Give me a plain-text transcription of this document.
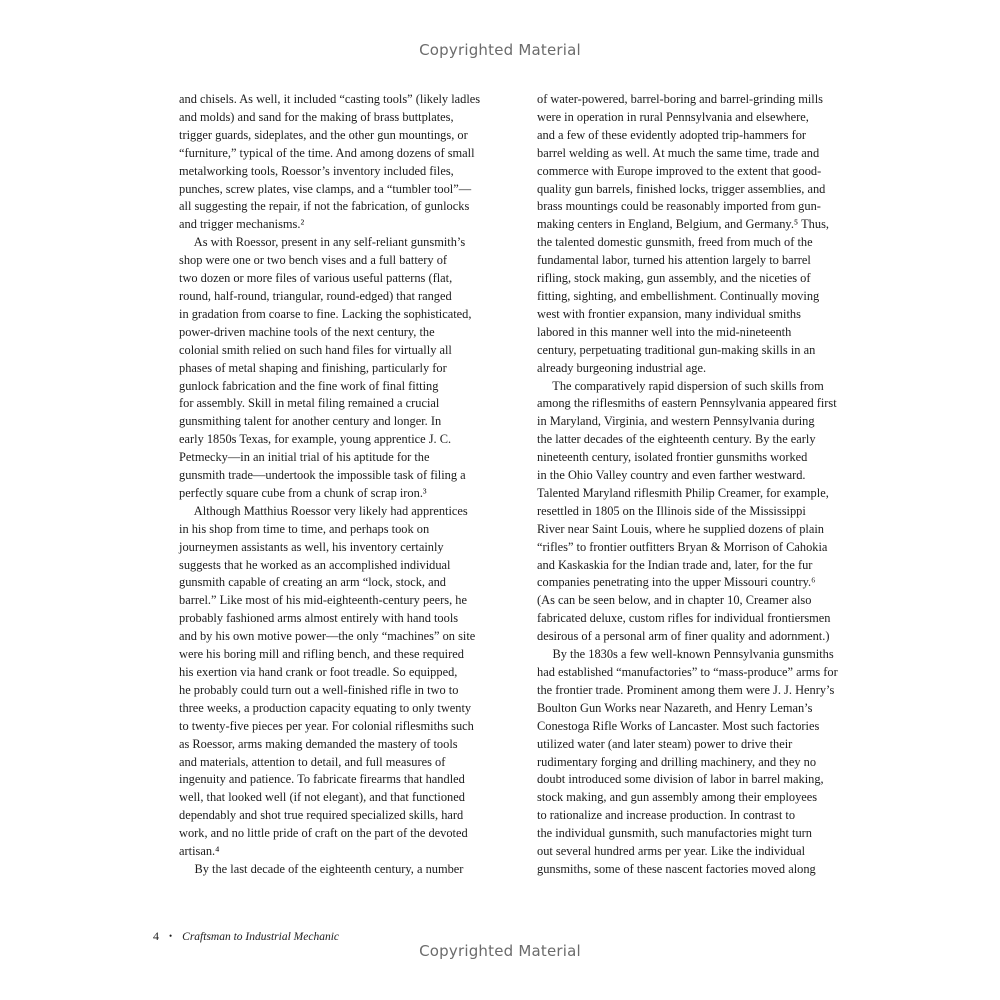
Copyrighted Material
and chisels. As well, it included “casting tools” (likely ladles
and molds) and sand for the making of brass buttplates,
trigger guards, sideplates, and the other gun mountings, or
“furniture,” typical of the time. And among dozens of small
metalworking tools, Roessor’s inventory included files,
punches, screw plates, vise clamps, and a “tumbler tool”—
all suggesting the repair, if not the fabrication, of gunlocks
and trigger mechanisms.²
As with Roessor, present in any self-reliant gunsmith’s
shop were one or two bench vises and a full battery of
two dozen or more files of various useful patterns (flat,
round, half-round, triangular, round-edged) that ranged
in gradation from coarse to fine. Lacking the sophisticated,
power-driven machine tools of the next century, the
colonial smith relied on such hand files for virtually all
phases of metal shaping and finishing, particularly for
gunlock fabrication and the fine work of final fitting
for assembly. Skill in metal filing remained a crucial
gunsmithing talent for another century and longer. In
early 1850s Texas, for example, young apprentice J. C.
Petmecky—in an initial trial of his aptitude for the
gunsmith trade—undertook the impossible task of filing a
perfectly square cube from a chunk of scrap iron.³
Although Matthius Roessor very likely had apprentices
in his shop from time to time, and perhaps took on
journeymen assistants as well, his inventory certainly
suggests that he worked as an accomplished individual
gunsmith capable of creating an arm “lock, stock, and
barrel.” Like most of his mid-eighteenth-century peers, he
probably fashioned arms almost entirely with hand tools
and by his own motive power—the only “machines” on site
were his boring mill and rifling bench, and these required
his exertion via hand crank or foot treadle. So equipped,
he probably could turn out a well-finished rifle in two to
three weeks, a production capacity equating to only twenty
to twenty-five pieces per year. For colonial riflesmiths such
as Roessor, arms making demanded the mastery of tools
and materials, attention to detail, and full measures of
ingenuity and patience. To fabricate firearms that handled
well, that looked well (if not elegant), and that functioned
dependably and shot true required specialized skills, hard
work, and no little pride of craft on the part of the devoted
artisan.⁴
By the last decade of the eighteenth century, a number
of water-powered, barrel-boring and barrel-grinding mills
were in operation in rural Pennsylvania and elsewhere,
and a few of these evidently adopted trip-hammers for
barrel welding as well. At much the same time, trade and
commerce with Europe improved to the extent that good-
quality gun barrels, finished locks, trigger assemblies, and
brass mountings could be reasonably imported from gun-
making centers in England, Belgium, and Germany.⁵ Thus,
the talented domestic gunsmith, freed from much of the
fundamental labor, turned his attention largely to barrel
rifling, stock making, gun assembly, and the niceties of
fitting, sighting, and embellishment. Continually moving
west with frontier expansion, many individual smiths
labored in this manner well into the mid-nineteenth
century, perpetuating traditional gun-making skills in an
already burgeoning industrial age.
The comparatively rapid dispersion of such skills from
among the riflesmiths of eastern Pennsylvania appeared first
in Maryland, Virginia, and western Pennsylvania during
the latter decades of the eighteenth century. By the early
nineteenth century, isolated frontier gunsmiths worked
in the Ohio Valley country and even farther westward.
Talented Maryland riflesmith Philip Creamer, for example,
resettled in 1805 on the Illinois side of the Mississippi
River near Saint Louis, where he supplied dozens of plain
“rifles” to frontier outfitters Bryan & Morrison of Cahokia
and Kaskaskia for the Indian trade and, later, for the fur
companies penetrating into the upper Missouri country.⁶
(As can be seen below, and in chapter 10, Creamer also
fabricated deluxe, custom rifles for individual frontiersmen
desirous of a personal arm of finer quality and adornment.)
By the 1830s a few well-known Pennsylvania gunsmiths
had established “manufactories” to “mass-produce” arms for
the frontier trade. Prominent among them were J. J. Henry’s
Boulton Gun Works near Nazareth, and Henry Leman’s
Conestoga Rifle Works of Lancaster. Most such factories
utilized water (and later steam) power to drive their
rudimentary forging and drilling machinery, and they no
doubt introduced some division of labor in barrel making,
stock making, and gun assembly among their employees
to rationalize and increase production. In contrast to
the individual gunsmith, such manufactories might turn
out several hundred arms per year. Like the individual
gunsmiths, some of these nascent factories moved along
4 • Craftsman to Industrial Mechanic
Copyrighted Material
